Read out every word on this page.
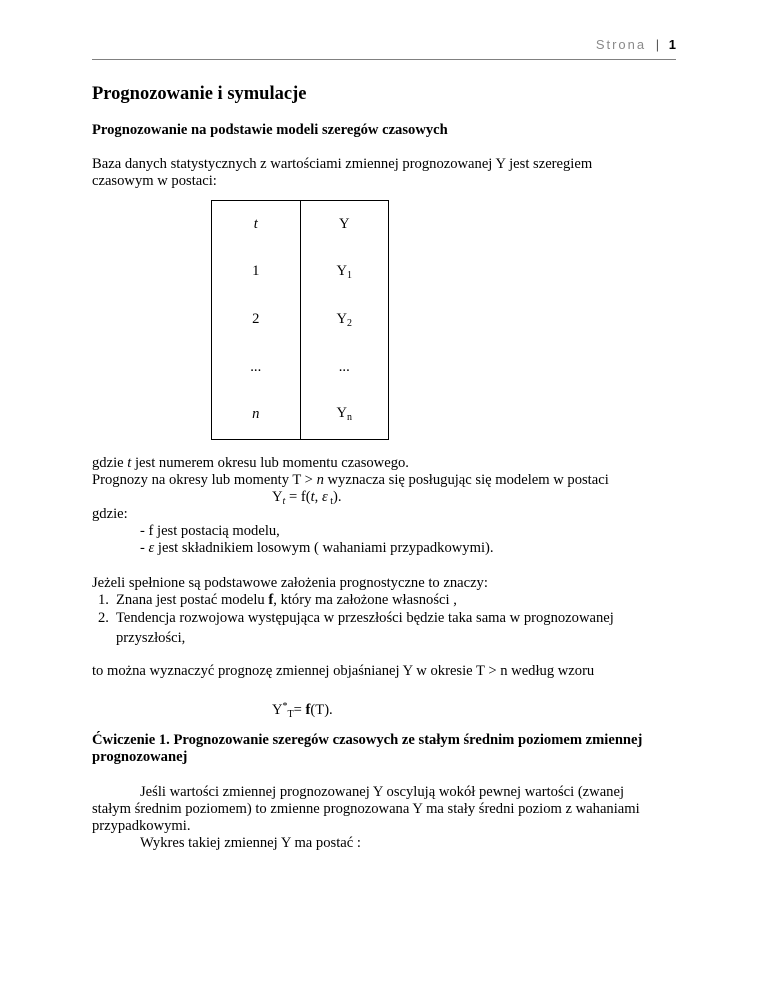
Strona | 1
Prognozowanie i symulacje
Prognozowanie na podstawie modeli szeregów czasowych
Baza danych statystycznych z wartościami zmiennej prognozowanej Y jest szeregiem
czasowym w postaci:
t	Y
1	$Y_1$
2	$Y_2$
...	...
n	$Y_n$
gdzie t jest numerem okresu lub momentu czasowego.
Prognozy na okresy lub momenty T > n wyznacza się posługując się modelem w postaci
$Y_t = f(t$, ε $_t$).
gdzie:
- f jest postacią modelu,
- ε jest składnikiem losowym ( wahaniami przypadkowymi).
Jeżeli spełnione są podstawowe założenia prognostyczne to znaczy:
1. Znana jest postać modelu f, który ma założone własności ,
2. Tendencja rozwojowa występująca w przeszłości będzie taka sama w prognozowanej
przyszłości,
to można wyznaczyć prognozę zmiennej objaśnianej Y w okresie T > n według wzoru
$Y^*_T= f(T)$.
Ćwiczenie 1. Prognozowanie szeregów czasowych ze stałym średnim poziomem zmiennej
prognozowanej
Jeśli wartości zmiennej prognozowanej Y oscylują wokół pewnej wartości (zwanej
stałym średnim poziomem) to zmienne prognozowana Y ma stały średni poziom z wahaniami
przypadkowymi.
Wykres takiej zmiennej Y ma postać :
